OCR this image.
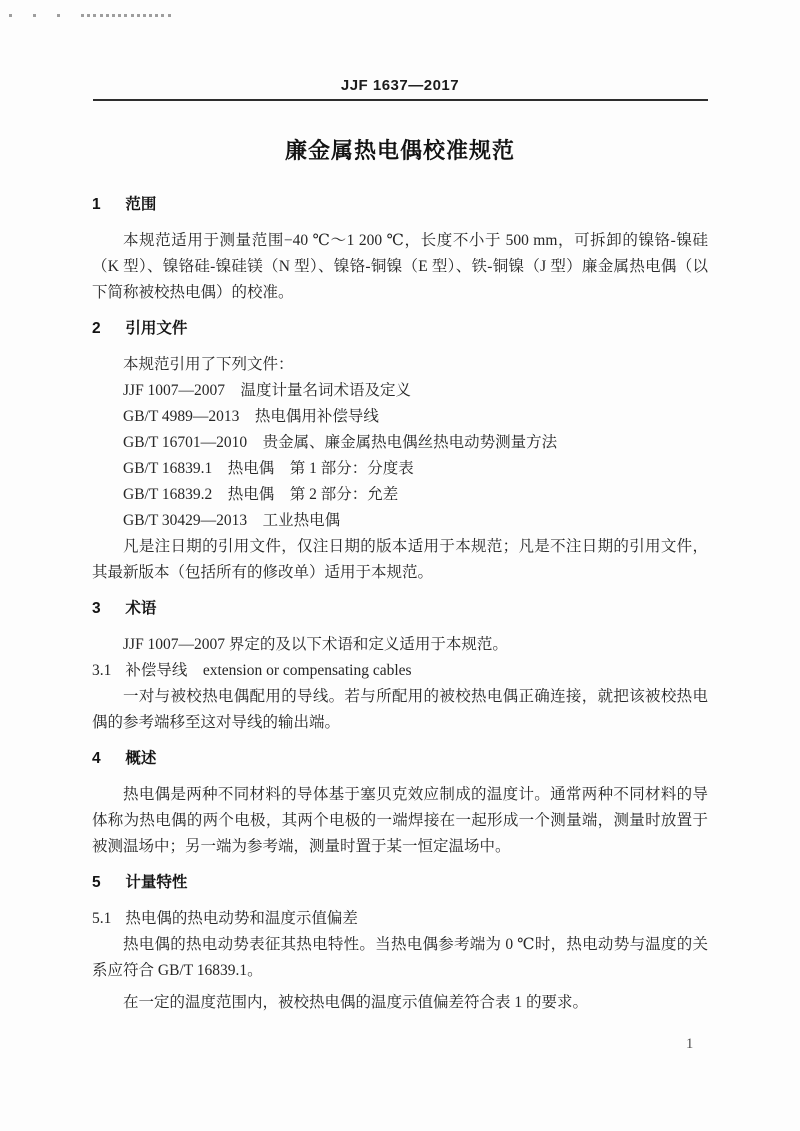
JJF 1637—2017
廉金属热电偶校准规范
1 范围

本规范适用于测量范围−40 ℃～1 200 ℃，长度不小于 500 mm，可拆卸的镍铬-镍硅（K 型）、镍铬硅-镍硅镁（N 型）、镍铬-铜镍（E 型）、铁-铜镍（J 型）廉金属热电偶（以下简称被校热电偶）的校准。

2 引用文件

本规范引用了下列文件：

JJF 1007—2007　温度计量名词术语及定义

GB/T 4989—2013　热电偶用补偿导线

GB/T 16701—2010　贵金属、廉金属热电偶丝热电动势测量方法

GB/T 16839.1　热电偶　第 1 部分：分度表

GB/T 16839.2　热电偶　第 2 部分：允差

GB/T 30429—2013　工业热电偶

凡是注日期的引用文件，仅注日期的版本适用于本规范；凡是不注日期的引用文件，其最新版本（包括所有的修改单）适用于本规范。

3 术语

JJF 1007—2007 界定的及以下术语和定义适用于本规范。

3.1 补偿导线 extension or compensating cables

一对与被校热电偶配用的导线。若与所配用的被校热电偶正确连接，就把该被校热电偶的参考端移至这对导线的输出端。

4 概述

热电偶是两种不同材料的导体基于塞贝克效应制成的温度计。通常两种不同材料的导体称为热电偶的两个电极，其两个电极的一端焊接在一起形成一个测量端，测量时放置于被测温场中；另一端为参考端，测量时置于某一恒定温场中。

5 计量特性

5.1 热电偶的热电动势和温度示值偏差

热电偶的热电动势表征其热电特性。当热电偶参考端为 0 ℃时，热电动势与温度的关系应符合 GB/T 16839.1。

在一定的温度范围内，被校热电偶的温度示值偏差符合表 1 的要求。

1
